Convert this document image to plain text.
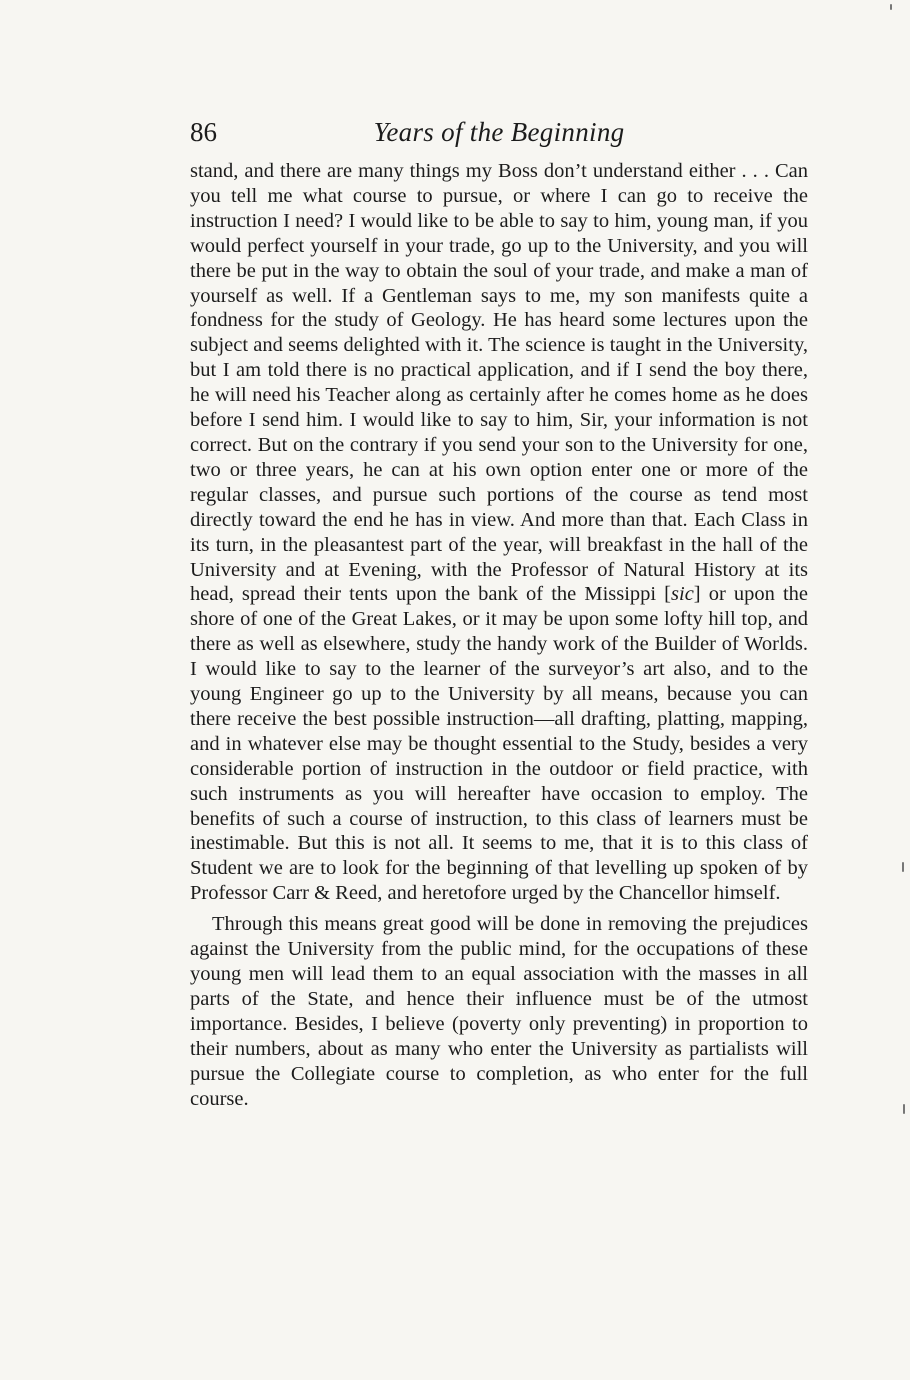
86	Years of the Beginning

stand, and there are many things my Boss don’t understand either . . . Can you tell me what course to pursue, or where I can go to receive the instruction I need? I would like to be able to say to him, young man, if you would perfect yourself in your trade, go up to the University, and you will there be put in the way to obtain the soul of your trade, and make a man of yourself as well. If a Gentleman says to me, my son manifests quite a fondness for the study of Geology. He has heard some lectures upon the subject and seems delighted with it. The science is taught in the University, but I am told there is no practical application, and if I send the boy there, he will need his Teacher along as certainly after he comes home as he does before I send him. I would like to say to him, Sir, your information is not correct. But on the contrary if you send your son to the University for one, two or three years, he can at his own option enter one or more of the regular classes, and pursue such portions of the course as tend most directly toward the end he has in view. And more than that. Each Class in its turn, in the pleasantest part of the year, will breakfast in the hall of the University and at Evening, with the Professor of Natural History at its head, spread their tents upon the bank of the Missippi [sic] or upon the shore of one of the Great Lakes, or it may be upon some lofty hill top, and there as well as elsewhere, study the handy work of the Builder of Worlds. I would like to say to the learner of the surveyor’s art also, and to the young Engineer go up to the University by all means, because you can there receive the best possible instruction—all drafting, platting, mapping, and in whatever else may be thought essential to the Study, besides a very considerable portion of instruction in the outdoor or field practice, with such instruments as you will hereafter have occasion to employ. The benefits of such a course of instruction, to this class of learners must be inestimable. But this is not all. It seems to me, that it is to this class of Student we are to look for the beginning of that levelling up spoken of by Professor Carr & Reed, and heretofore urged by the Chancellor himself.

Through this means great good will be done in removing the prejudices against the University from the public mind, for the occupations of these young men will lead them to an equal association with the masses in all parts of the State, and hence their influence must be of the utmost importance. Besides, I believe (poverty only preventing) in proportion to their numbers, about as many who enter the University as partialists will pursue the Collegiate course to completion, as who enter for the full course.
